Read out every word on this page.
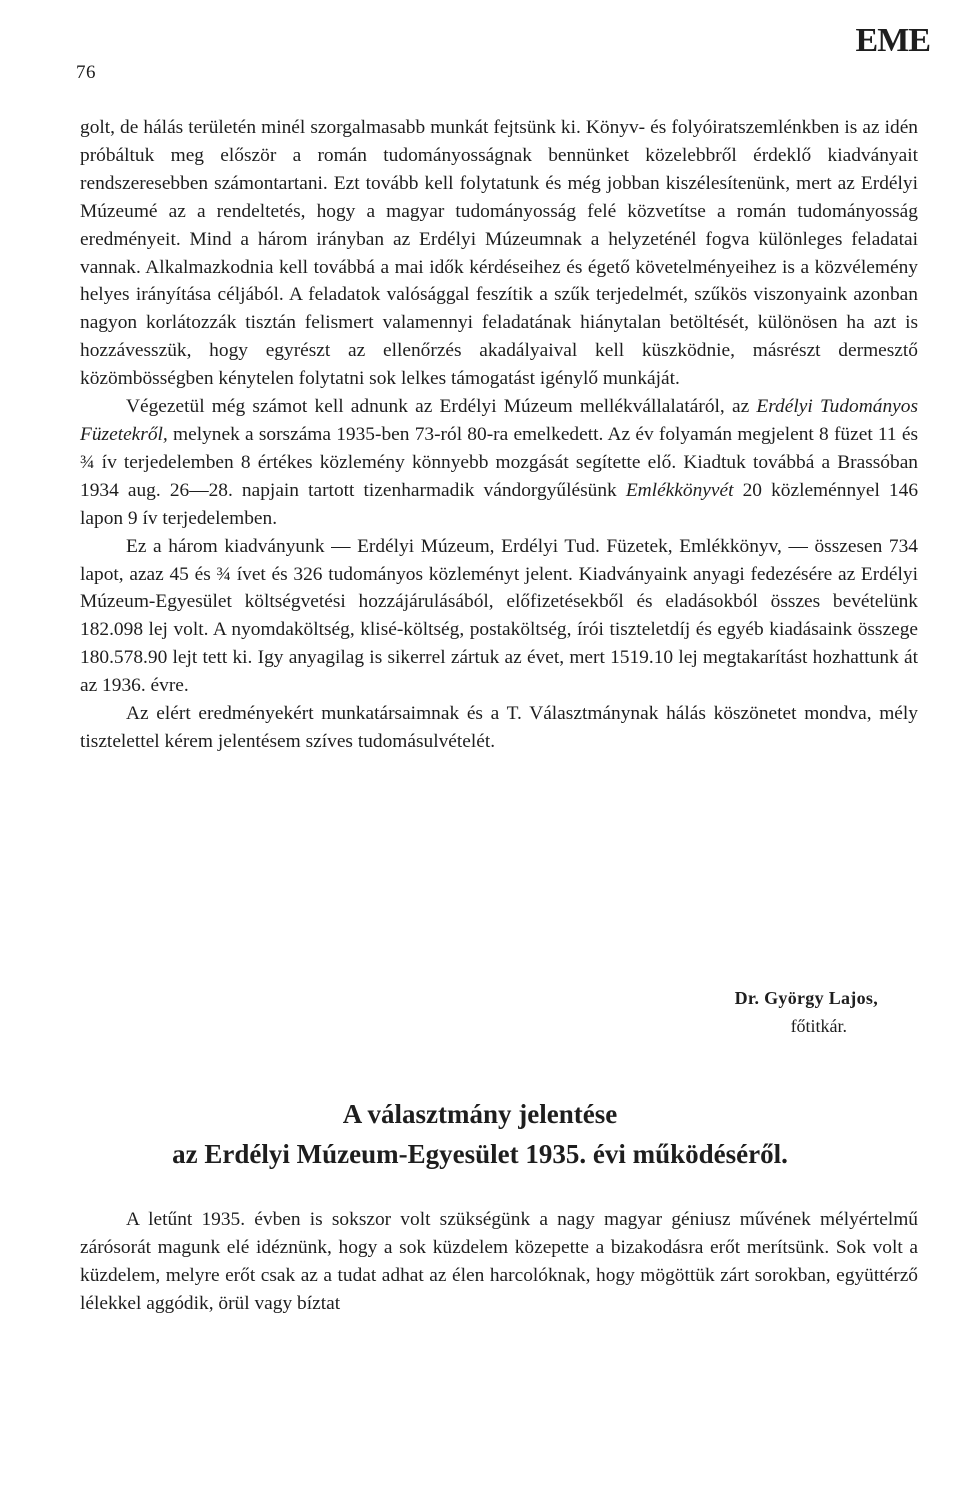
76
EME

golt, de hálás területén minél szorgalmasabb munkát fejtsünk ki. Könyv- és folyóiratszemlénkben is az idén próbáltuk meg először a román tudományosságnak bennünket közelebbről érdeklő kiadványait rendszeresebben számontartani. Ezt tovább kell folytatunk és még jobban kiszélesítenünk, mert az Erdélyi Múzeumé az a rendeltetés, hogy a magyar tudományosság felé közvetítse a román tudományosság eredményeit. Mind a három irányban az Erdélyi Múzeumnak a helyzeténél fogva különleges feladatai vannak. Alkalmazkodnia kell továbbá a mai idők kérdéseihez és égető követelményeihez is a közvélemény helyes irányítása céljából. A feladatok valósággal feszítik a szűk terjedelmét, szűkös viszonyaink azonban nagyon korlátozzák tisztán felismert valamennyi feladatának hiánytalan betöltését, különösen ha azt is hozzávesszük, hogy egyrészt az ellenőrzés akadályaival kell küszködnie, másrészt dermesztő közömbösségben kénytelen folytatni sok lelkes támogatást igénylő munkáját.

Végezetül még számot kell adnunk az Erdélyi Múzeum mellékvállalatáról, az Erdélyi Tudományos Füzetekről, melynek a sorszáma 1935-ben 73-ról 80-ra emelkedett. Az év folyamán megjelent 8 füzet 11 és ¾ ív terjedelemben 8 értékes közlemény könnyebb mozgását segítette elő. Kiadtuk továbbá a Brassóban 1934 aug. 26—28. napjain tartott tizenharmadik vándorgyűlésünk Emlékkönyvét 20 közleménnyel 146 lapon 9 ív terjedelemben.

Ez a három kiadványunk — Erdélyi Múzeum, Erdélyi Tud. Füzetek, Emlékkönyv, — összesen 734 lapot, azaz 45 és ¾ ívet és 326 tudományos közleményt jelent. Kiadványaink anyagi fedezésére az Erdélyi Múzeum-Egyesület költségvetési hozzájárulásából, előfizetésekből és eladásokból összes bevételünk 182.098 lej volt. A nyomdaköltség, klisé-költség, postaköltség, írói tiszteletdíj és egyéb kiadásaink összege 180.578.90 lejt tett ki. Igy anyagilag is sikerrel zártuk az évet, mert 1519.10 lej megtakarítást hozhattunk át az 1936. évre.

Az elért eredményekért munkatársaimnak és a T. Választmánynak hálás köszönetet mondva, mély tisztelettel kérem jelentésem szíves tudomásulvételét.

Dr. György Lajos,
főtitkár.
A választmány jelentése
az Erdélyi Múzeum-Egyesület 1935. évi működéséről.

A letűnt 1935. évben is sokszor volt szükségünk a nagy magyar géniusz művének mélyértelmű zárósorát magunk elé idéznünk, hogy a sok küzdelem közepette a bizakodásra erőt merítsünk. Sok volt a küzdelem, melyre erőt csak az a tudat adhat az élen harcolóknak, hogy mögöttük zárt sorokban, együttérző lélekkel aggódik, örül vagy bíztat
